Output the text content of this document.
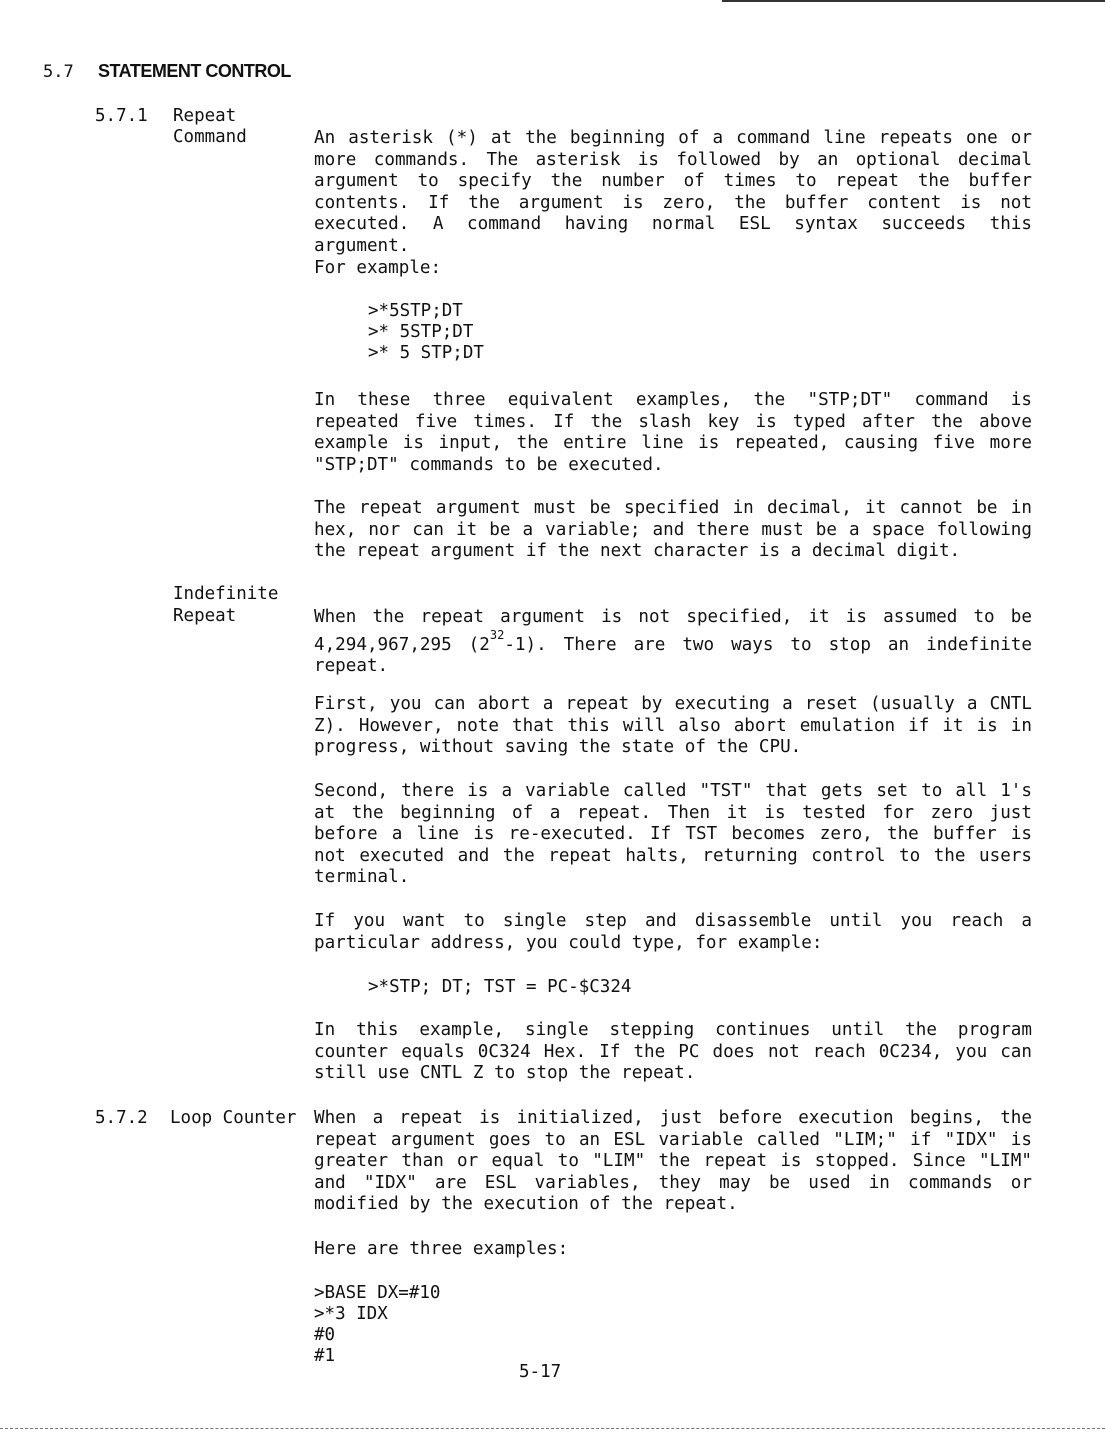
5.7 STATEMENT CONTROL
5.7.1 Repeat
Command	An asterisk (*) at the beginning of a command line repeats one or more commands. The asterisk is followed by an optional decimal argument to specify the number of times to repeat the buffer contents. If the argument is zero, the buffer content is not executed. A command having normal ESL syntax succeeds this argument.

For example:

>*5STP;DT
>* 5STP;DT
>* 5 STP;DT

In these three equivalent examples, the "STP;DT" command is repeated five times. If the slash key is typed after the above example is input, the entire line is repeated, causing five more "STP;DT" commands to be executed.

The repeat argument must be specified in decimal, it cannot be in hex, nor can it be a variable; and there must be a space following the repeat argument if the next character is a decimal digit.

Indefinite
Repeat	When the repeat argument is not specified, it is assumed to be 4,294,967,295 $(2^{32}-1)$. There are two ways to stop an indefinite repeat.

First, you can abort a repeat by executing a reset (usually a CNTL Z). However, note that this will also abort emulation if it is in progress, without saving the state of the CPU.

Second, there is a variable called "TST" that gets set to all 1's at the beginning of a repeat. Then it is tested for zero just before a line is re-executed. If TST becomes zero, the buffer is not executed and the repeat halts, returning control to the users terminal.

If you want to single step and disassemble until you reach a particular address, you could type, for example:

>*STP; DT; TST = PC-$C324

In this example, single stepping continues until the program counter equals 0C324 Hex. If the PC does not reach 0C234, you can still use CNTL Z to stop the repeat.

5.7.2 Loop Counter When a repeat is initialized, just before execution begins, the repeat argument goes to an ESL variable called "LIM;" if "IDX" is greater than or equal to "LIM" the repeat is stopped. Since "LIM" and "IDX" are ESL variables, they may be used in commands or modified by the execution of the repeat.

Here are three examples:

>BASE DX=#10
>*3 IDX
#0
#1
5-17
